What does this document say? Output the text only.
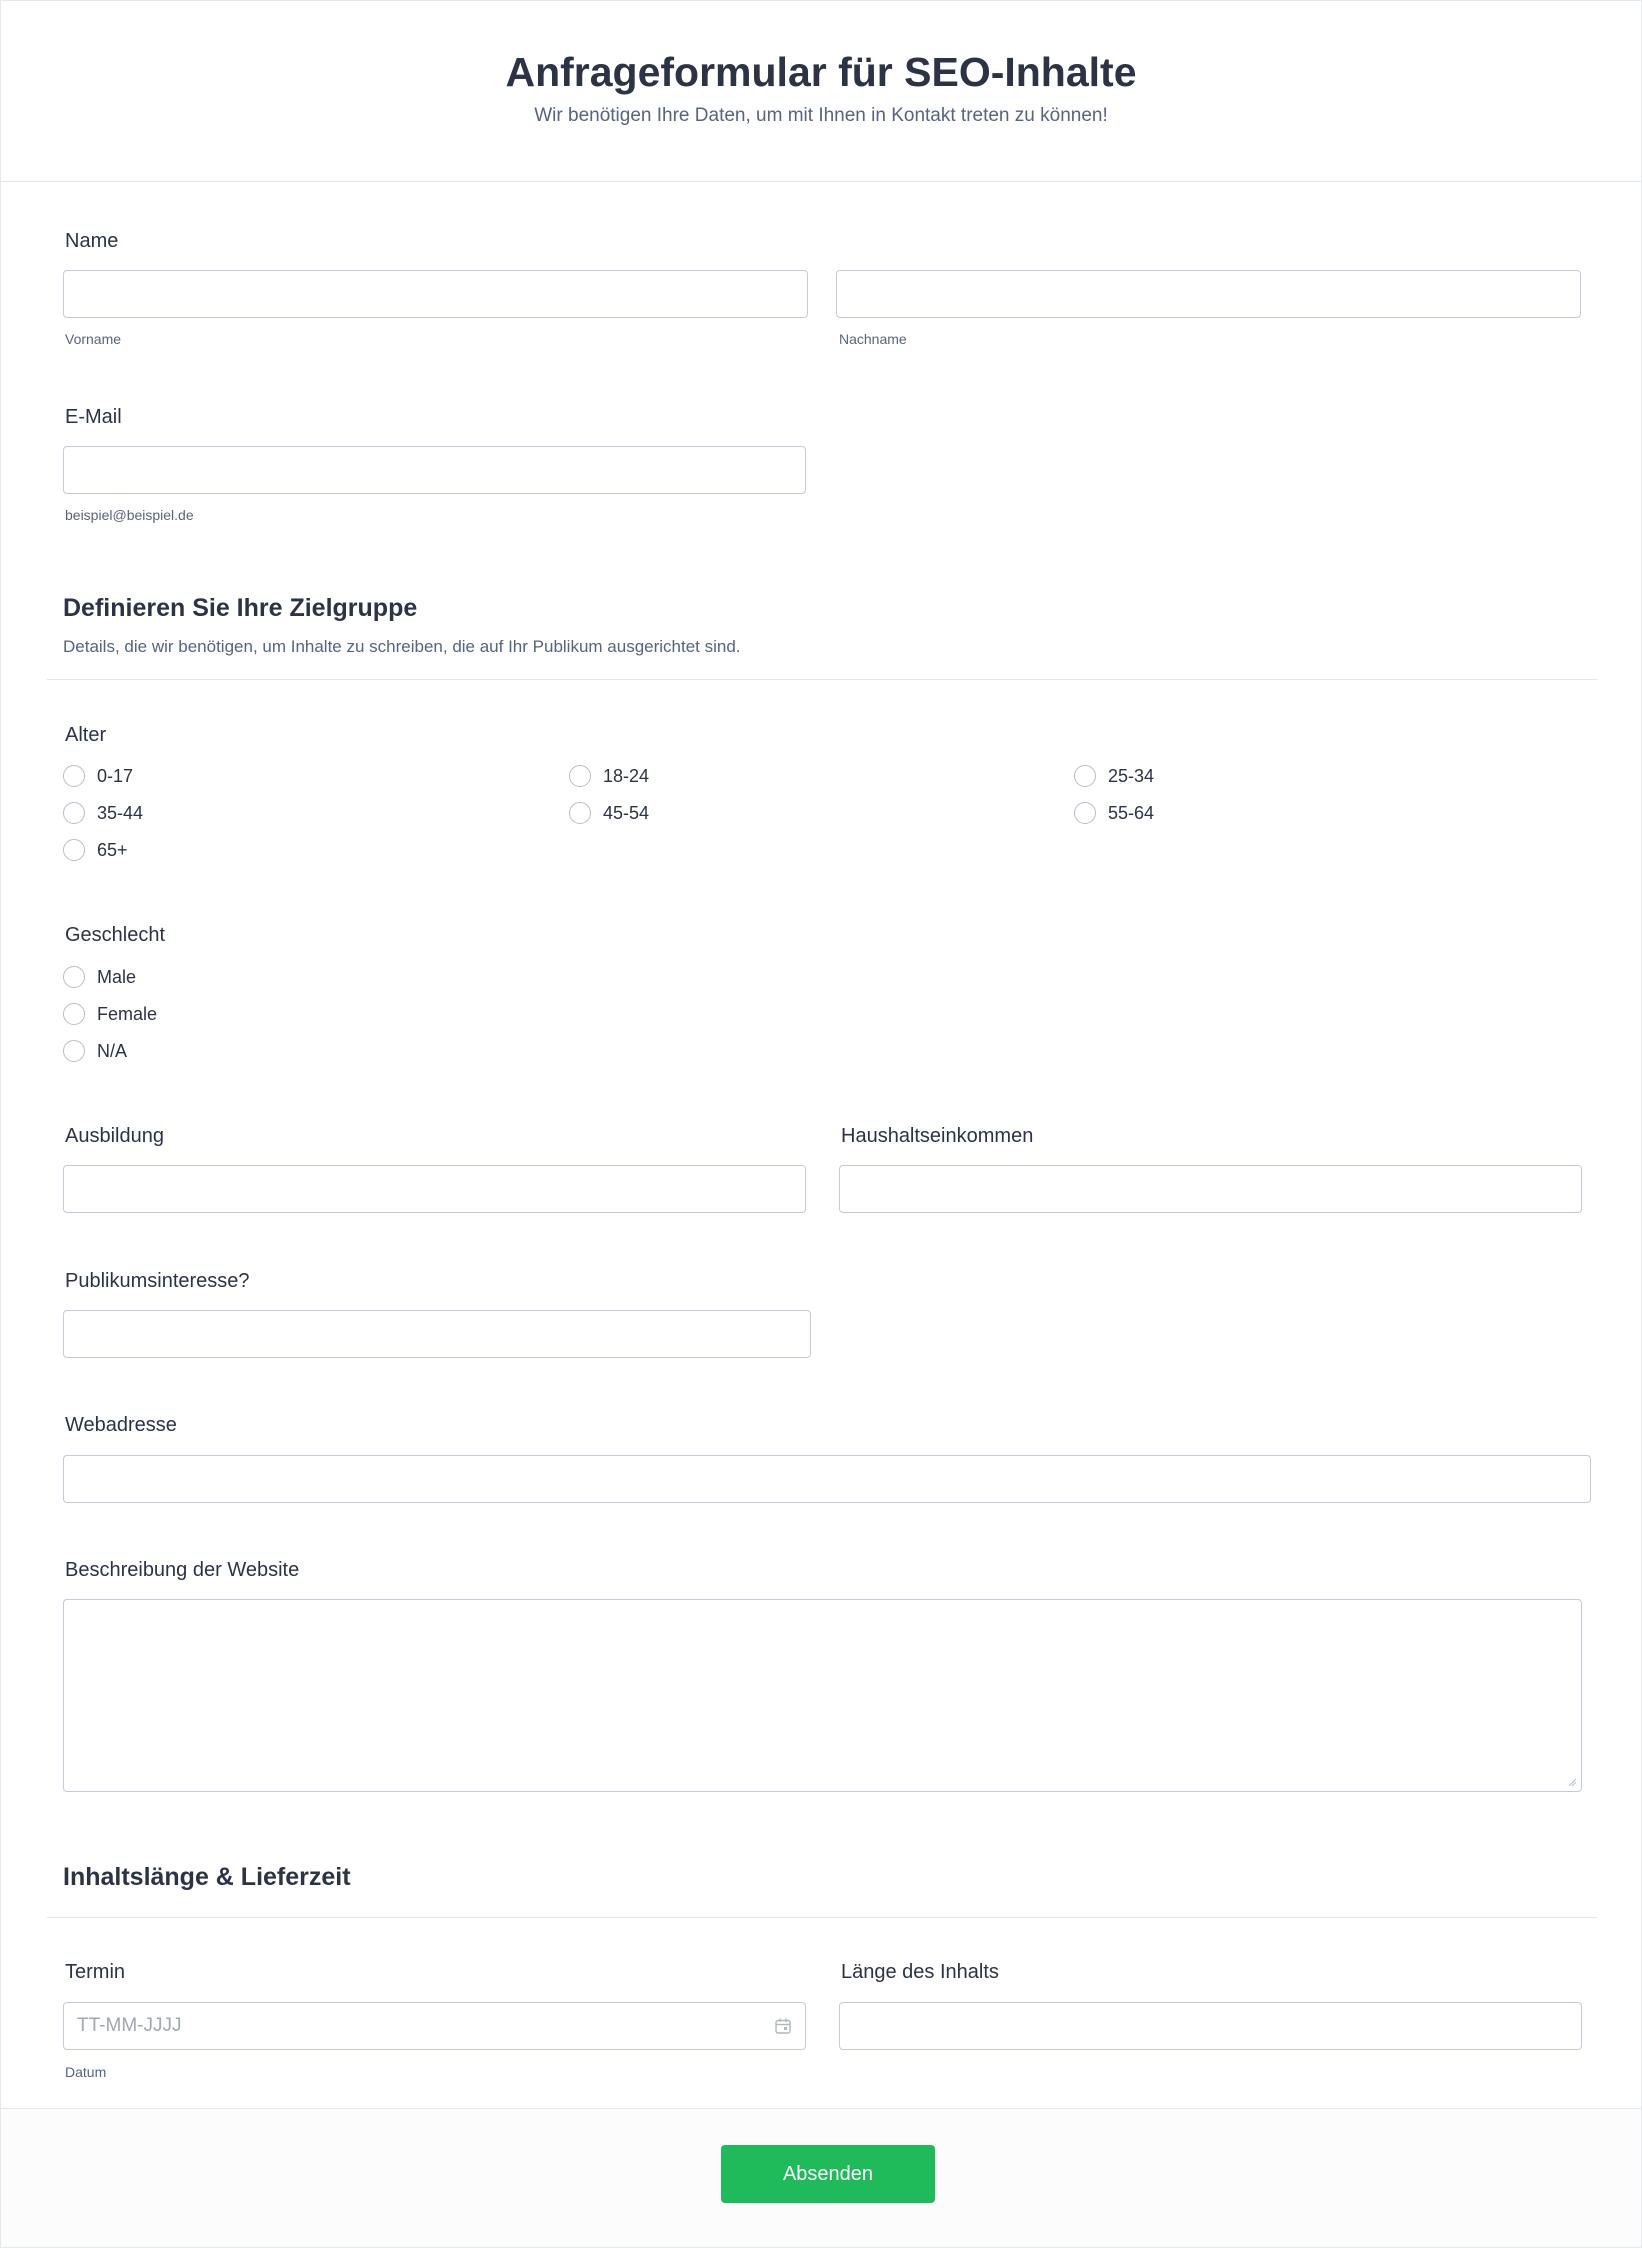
Anfrageformular für SEO-Inhalte
Wir benötigen Ihre Daten, um mit Ihnen in Kontakt treten zu können!
Name
Vorname	Nachname
E-Mail
beispiel@beispiel.de
Definieren Sie Ihre Zielgruppe
Details, die wir benötigen, um Inhalte zu schreiben, die auf Ihr Publikum ausgerichtet sind.
Alter
0-17	18-24	25-34
35-44	45-54	55-64
65+
Geschlecht
Male
Female
N/A
Ausbildung	Haushaltseinkommen
Publikumsinteresse?
Webadresse
Beschreibung der Website
Inhaltslänge & Lieferzeit
Termin	Länge des Inhalts
TT-MM-JJJJ
Datum
Absenden
